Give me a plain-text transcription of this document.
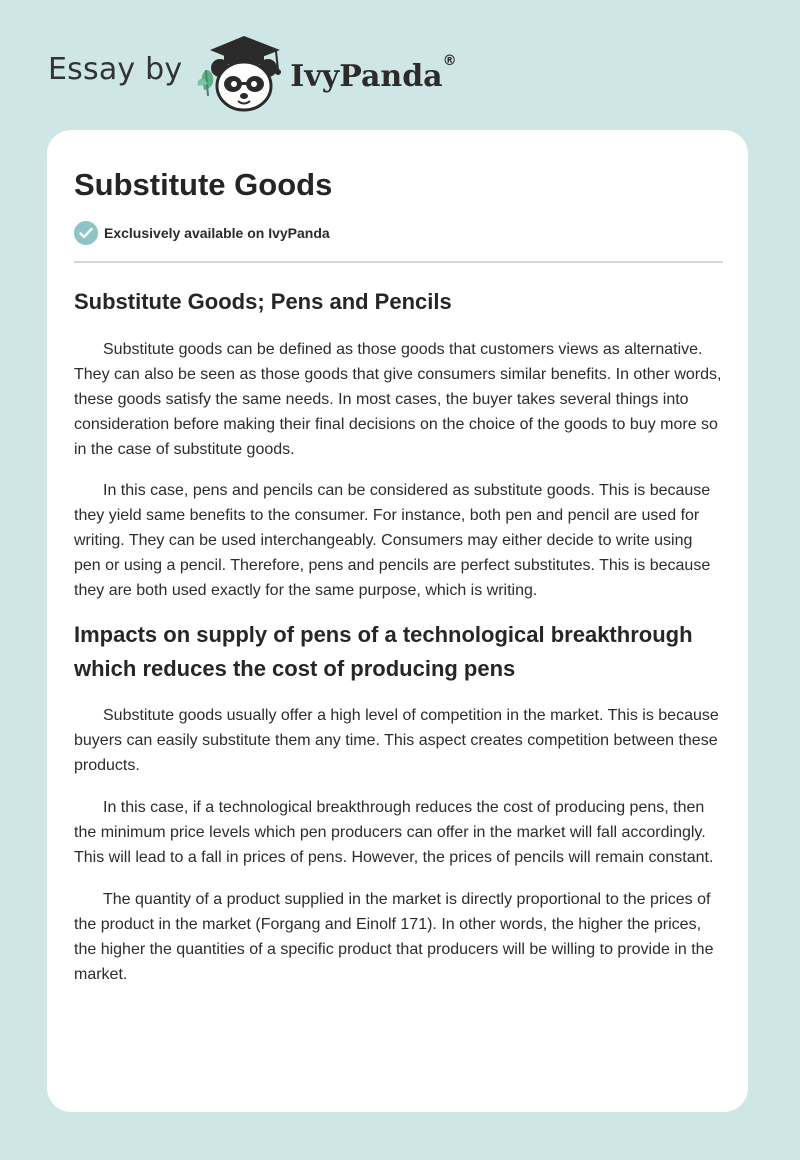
Essay by	IvyPanda®
Substitute Goods
Exclusively available on IvyPanda
Substitute Goods; Pens and Pencils

Substitute goods can be defined as those goods that customers views as alternative. They can also be seen as those goods that give consumers similar benefits. In other words, these goods satisfy the same needs. In most cases, the buyer takes several things into consideration before making their final decisions on the choice of the goods to buy more so in the case of substitute goods.

In this case, pens and pencils can be considered as substitute goods. This is because they yield same benefits to the consumer. For instance, both pen and pencil are used for writing. They can be used interchangeably. Consumers may either decide to write using pen or using a pencil. Therefore, pens and pencils are perfect substitutes. This is because they are both used exactly for the same purpose, which is writing.

Impacts on supply of pens of a technological breakthrough which reduces the cost of producing pens

Substitute goods usually offer a high level of competition in the market. This is because buyers can easily substitute them any time. This aspect creates competition between these products.

In this case, if a technological breakthrough reduces the cost of producing pens, then the minimum price levels which pen producers can offer in the market will fall accordingly. This will lead to a fall in prices of pens. However, the prices of pencils will remain constant.

The quantity of a product supplied in the market is directly proportional to the prices of the product in the market (Forgang and Einolf 171). In other words, the higher the prices, the higher the quantities of a specific product that producers will be willing to provide in the market.
